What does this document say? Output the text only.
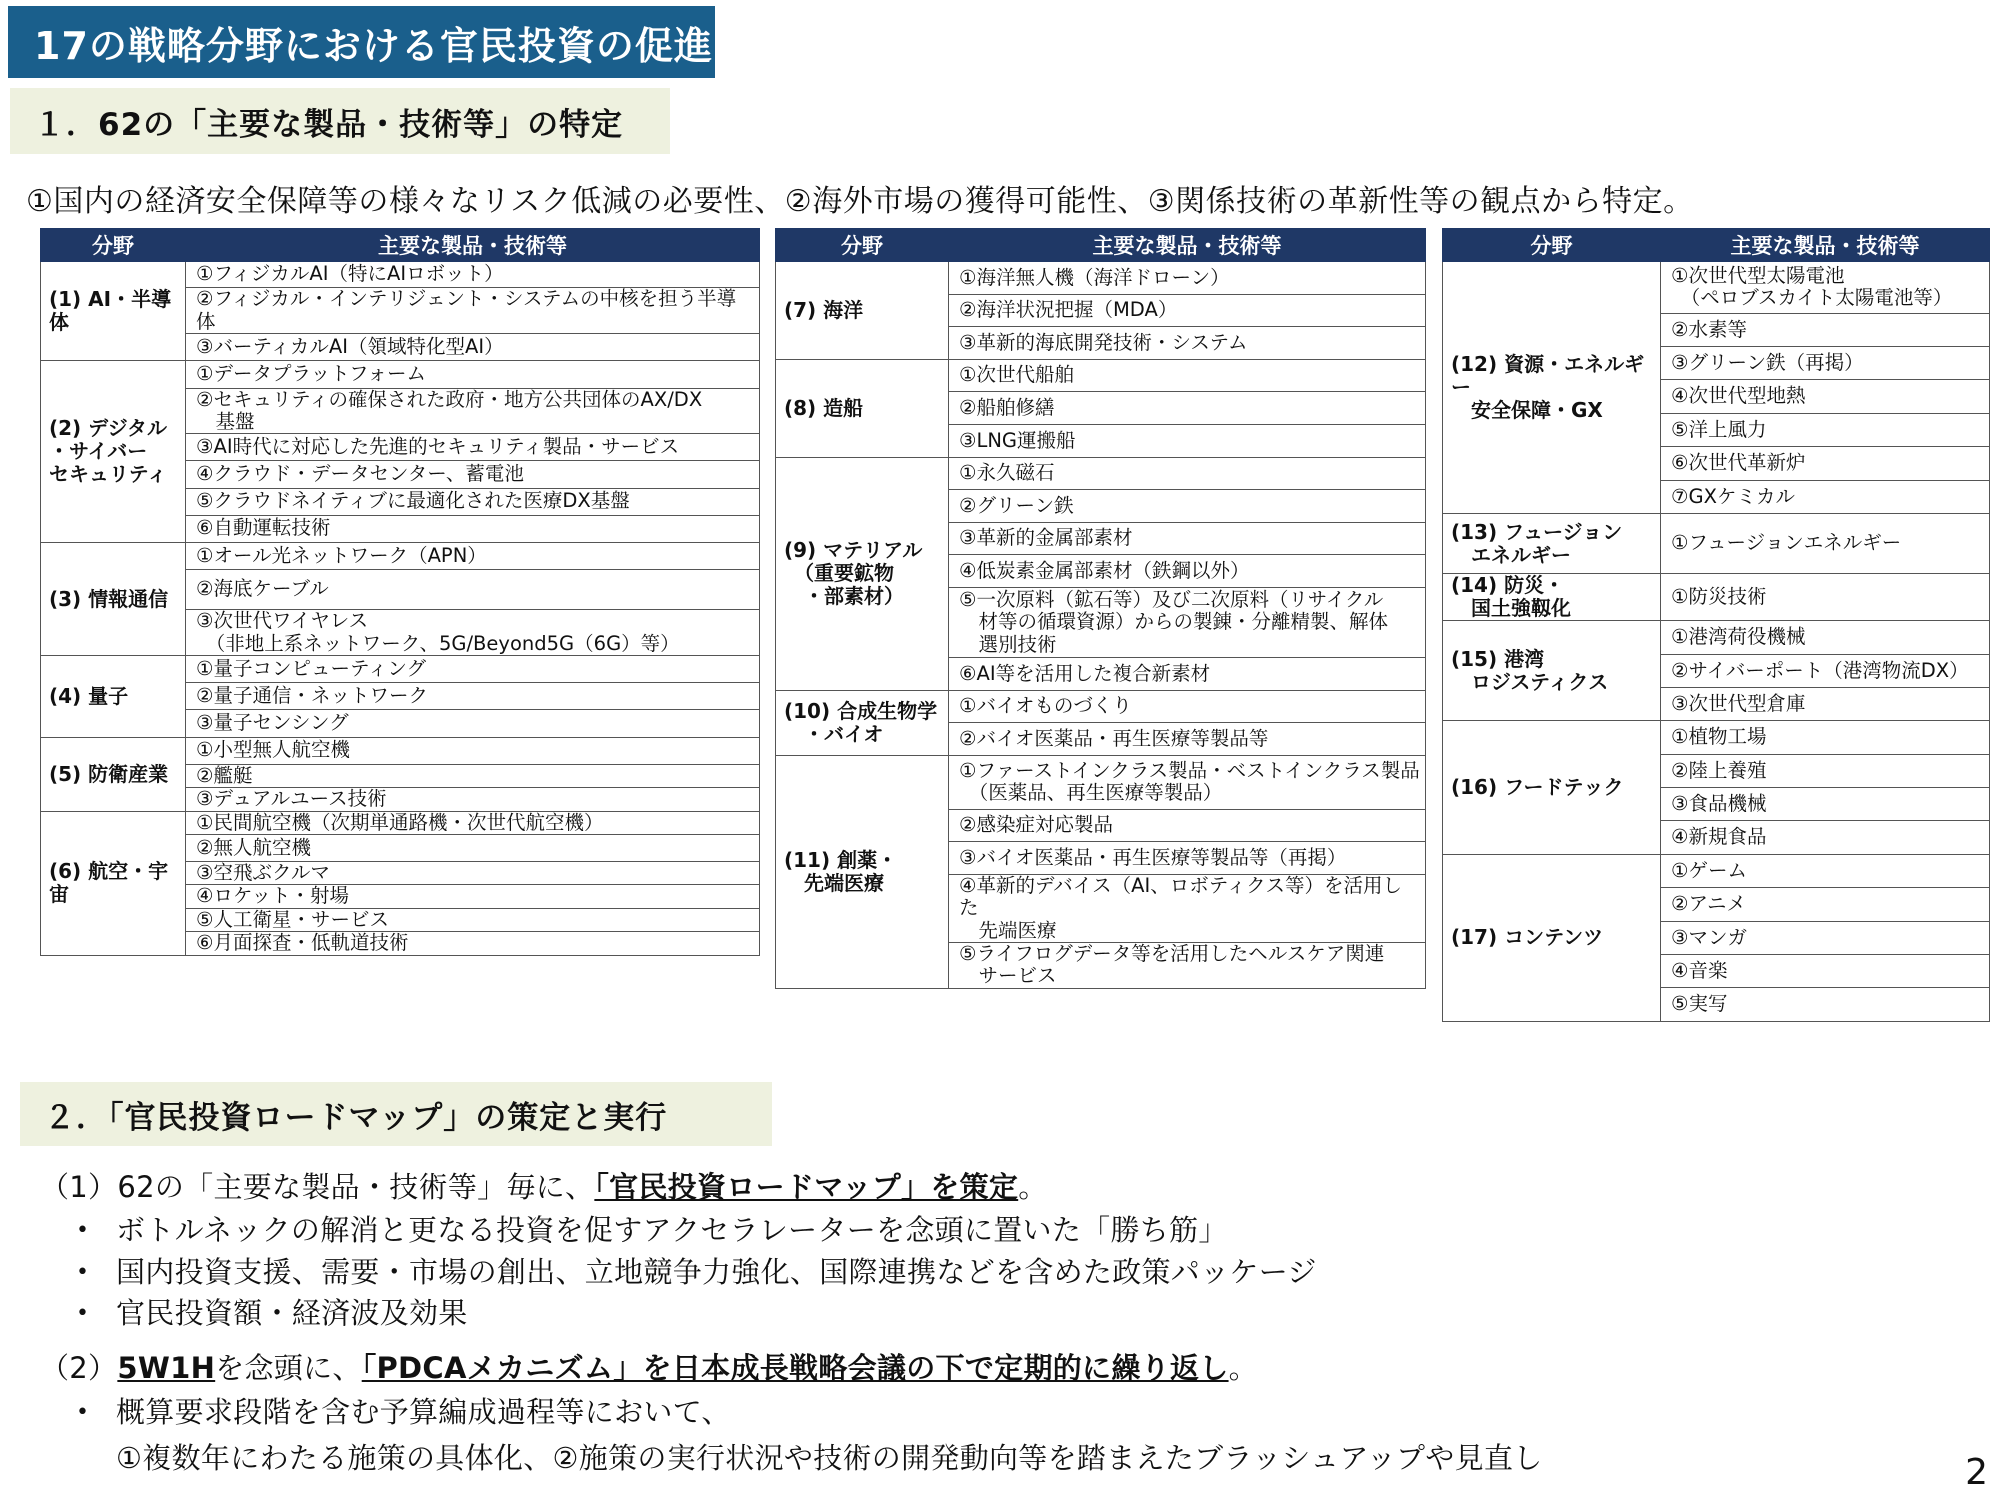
17の戦略分野における官民投資の促進
１．62の「主要な製品・技術等」の特定
①国内の経済安全保障等の様々なリスク低減の必要性、②海外市場の獲得可能性、③関係技術の革新性等の観点から特定。
分野	主要な製品・技術等

(1) AI・半導体	①フィジカルAI（特にAIロボット）

	②フィジカル・インテリジェント・システムの中核を担う半導体

	③バーティカルAI（領域特化型AI）

(2) デジタル
・サイバー
セキュリティ	①データプラットフォーム

	②セキュリティの確保された政府・地方公共団体のAX/DX
　基盤

	③AI時代に対応した先進的セキュリティ製品・サービス

	④クラウド・データセンター、蓄電池

	⑤クラウドネイティブに最適化された医療DX基盤

	⑥自動運転技術

(3) 情報通信	①オール光ネットワーク（APN）

	②海底ケーブル

	③次世代ワイヤレス
　（非地上系ネットワーク、5G/Beyond5G（6G）等）

(4) 量子	①量子コンピューティング

	②量子通信・ネットワーク

	③量子センシング

(5) 防衛産業	①小型無人航空機

	②艦艇

	③デュアルユース技術

(6) 航空・宇宙	①民間航空機（次期単通路機・次世代航空機）

	②無人航空機

	③空飛ぶクルマ

	④ロケット・射場

	⑤人工衛星・サービス

	⑥月面探査・低軌道技術
分野	主要な製品・技術等

(7) 海洋	①海洋無人機（海洋ドローン）

	②海洋状況把握（MDA）

	③革新的海底開発技術・システム

(8) 造船	①次世代船舶

	②船舶修繕

	③LNG運搬船

(9) マテリアル
　（重要鉱物
　・部素材）	①永久磁石

	②グリーン鉄

	③革新的金属部素材

	④低炭素金属部素材（鉄鋼以外）

	⑤一次原料（鉱石等）及び二次原料（リサイクル
　材等の循環資源）からの製錬・分離精製、解体
　選別技術

	⑥AI等を活用した複合新素材

(10) 合成生物学
　・バイオ	①バイオものづくり

	②バイオ医薬品・再生医療等製品等

(11) 創薬・
　先端医療	①ファーストインクラス製品・ベストインクラス製品
　（医薬品、再生医療等製品）

	②感染症対応製品

	③バイオ医薬品・再生医療等製品等（再掲）

	④革新的デバイス（AI、ロボティクス等）を活用した
　先端医療

	⑤ライフログデータ等を活用したヘルスケア関連
　サービス
分野	主要な製品・技術等

(12) 資源・エネルギー
　安全保障・GX	①次世代型太陽電池
　（ペロブスカイト太陽電池等）

	②水素等

	③グリーン鉄（再掲）

	④次世代型地熱

	⑤洋上風力

	⑥次世代革新炉

	⑦GXケミカル

(13) フュージョン
　エネルギー	①フュージョンエネルギー

(14) 防災・
　国土強靱化	①防災技術

(15) 港湾
　ロジスティクス	①港湾荷役機械

	②サイバーポート（港湾物流DX）

	③次世代型倉庫

(16) フードテック	①植物工場

	②陸上養殖

	③食品機械

	④新規食品

(17) コンテンツ	①ゲーム

	②アニメ

	③マンガ

	④音楽

	⑤実写
２．「官民投資ロードマップ」の策定と実行
（1）62の「主要な製品・技術等」毎に、「官民投資ロードマップ」を策定。
• ボトルネックの解消と更なる投資を促すアクセラレーターを念頭に置いた「勝ち筋」
• 国内投資支援、需要・市場の創出、立地競争力強化、国際連携などを含めた政策パッケージ
• 官民投資額・経済波及効果
（2）5W1Hを念頭に、「PDCAメカニズム」を日本成長戦略会議の下で定期的に繰り返し。
• 概算要求段階を含む予算編成過程等において、
①複数年にわたる施策の具体化、②施策の実行状況や技術の開発動向等を踏まえたブラッシュアップや見直し	2
